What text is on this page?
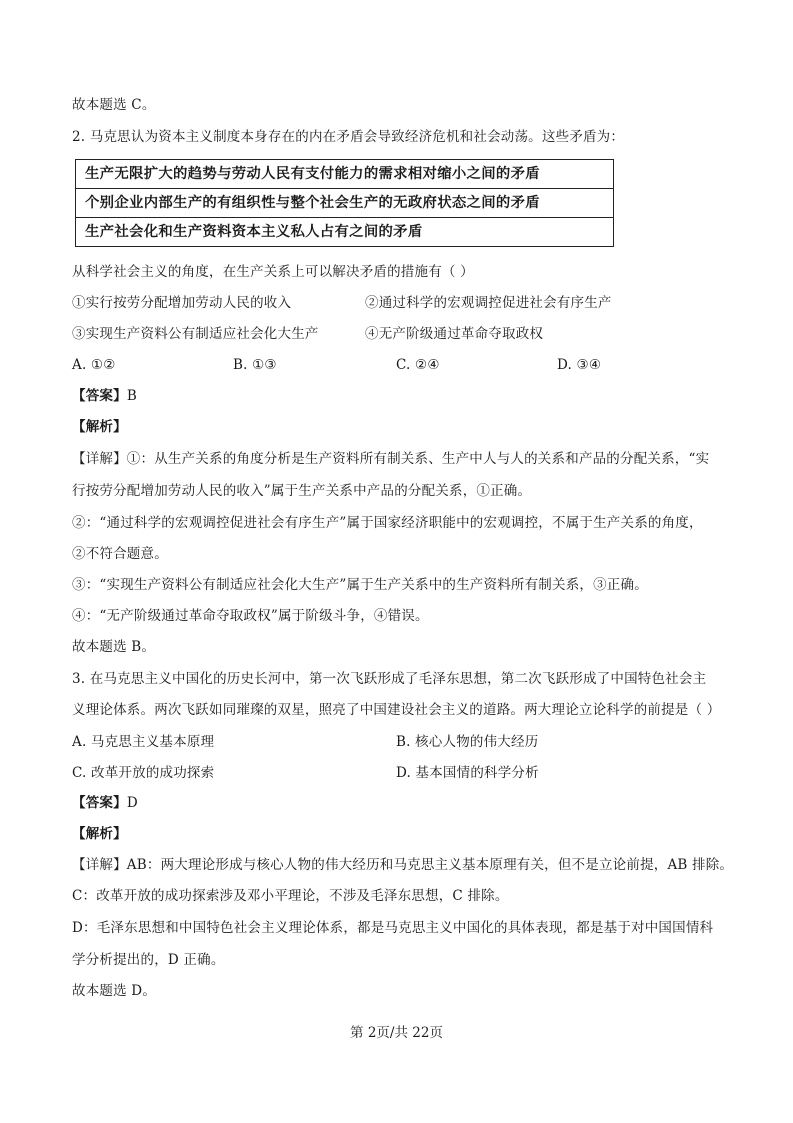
故本题选 C。
2. 马克思认为资本主义制度本身存在的内在矛盾会导致经济危机和社会动荡。这些矛盾为：
生产无限扩大的趋势与劳动人民有支付能力的需求相对缩小之间的矛盾
个别企业内部生产的有组织性与整个社会生产的无政府状态之间的矛盾
生产社会化和生产资料资本主义私人占有之间的矛盾
从科学社会主义的角度，在生产关系上可以解决矛盾的措施有（ ）
①实行按劳分配增加劳动人民的收入	②通过科学的宏观调控促进社会有序生产
③实现生产资料公有制适应社会化大生产	④无产阶级通过革命夺取政权
A. ①②	B. ①③	C. ②④	D. ③④
【答案】B
【解析】
【详解】①：从生产关系的角度分析是生产资料所有制关系、生产中人与人的关系和产品的分配关系，“实
行按劳分配增加劳动人民的收入”属于生产关系中产品的分配关系，①正确。
②：“通过科学的宏观调控促进社会有序生产”属于国家经济职能中的宏观调控，不属于生产关系的角度，
②不符合题意。
③：“实现生产资料公有制适应社会化大生产”属于生产关系中的生产资料所有制关系，③正确。
④：“无产阶级通过革命夺取政权”属于阶级斗争，④错误。
故本题选 B。
3. 在马克思主义中国化的历史长河中，第一次飞跃形成了毛泽东思想，第二次飞跃形成了中国特色社会主
义理论体系。两次飞跃如同璀璨的双星，照亮了中国建设社会主义的道路。两大理论立论科学的前提是（ ）
A. 马克思主义基本原理	B. 核心人物的伟大经历
C. 改革开放的成功探索	D. 基本国情的科学分析
【答案】D
【解析】
【详解】AB：两大理论形成与核心人物的伟大经历和马克思主义基本原理有关，但不是立论前提，AB 排除。
C：改革开放的成功探索涉及邓小平理论，不涉及毛泽东思想，C 排除。
D：毛泽东思想和中国特色社会主义理论体系，都是马克思主义中国化的具体表现，都是基于对中国国情科
学分析提出的，D 正确。
故本题选 D。
第 2页/共 22页
